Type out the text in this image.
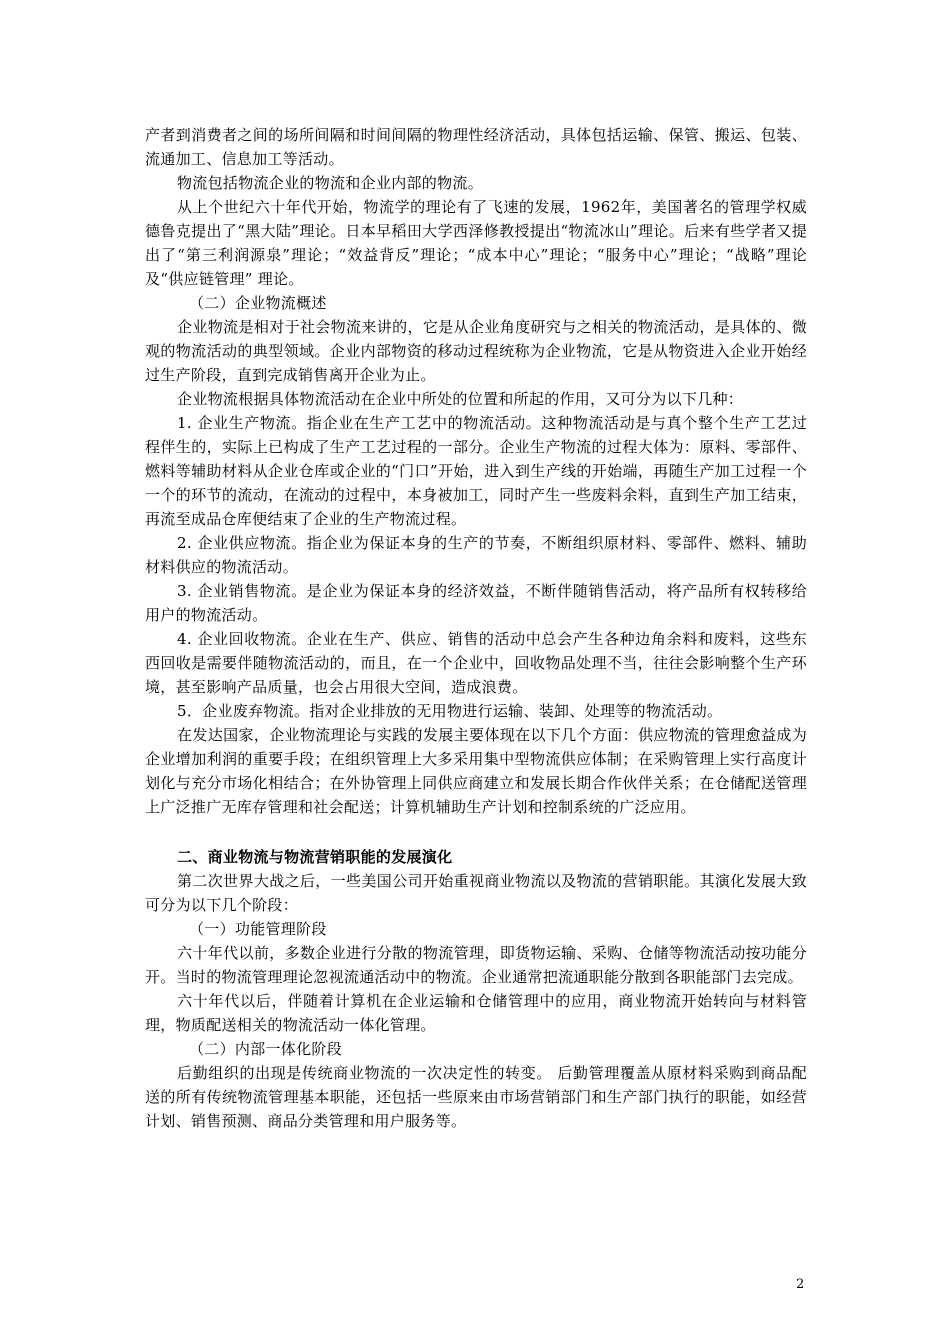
产者到消费者之间的场所间隔和时间间隔的物理性经济活动，具体包括运输、保管、搬运、包装、流通加工、信息加工等活动。

物流包括物流企业的物流和企业内部的物流。

从上个世纪六十年代开始，物流学的理论有了飞速的发展，1962年，美国著名的管理学权威德鲁克提出了“黑大陆”理论。日本早稻田大学西泽修教授提出“物流冰山”理论。后来有些学者又提出了“第三利润源泉”理论；“效益背反”理论；“成本中心”理论；“服务中心”理论；“战略”理论及“供应链管理” 理论。

（二）企业物流概述

企业物流是相对于社会物流来讲的，它是从企业角度研究与之相关的物流活动，是具体的、微观的物流活动的典型领域。企业内部物资的移动过程统称为企业物流，它是从物资进入企业开始经过生产阶段，直到完成销售离开企业为止。

企业物流根据具体物流活动在企业中所处的位置和所起的作用，又可分为以下几种：

1. 企业生产物流。指企业在生产工艺中的物流活动。这种物流活动是与真个整个生产工艺过程伴生的，实际上已构成了生产工艺过程的一部分。企业生产物流的过程大体为：原料、零部件、燃料等辅助材料从企业仓库或企业的“门口”开始，进入到生产线的开始端，再随生产加工过程一个一个的环节的流动，在流动的过程中，本身被加工，同时产生一些废料余料，直到生产加工结束，再流至成品仓库便结束了企业的生产物流过程。

2. 企业供应物流。指企业为保证本身的生产的节奏，不断组织原材料、零部件、燃料、辅助材料供应的物流活动。

3. 企业销售物流。是企业为保证本身的经济效益，不断伴随销售活动，将产品所有权转移给用户的物流活动。

4. 企业回收物流。企业在生产、供应、销售的活动中总会产生各种边角余料和废料，这些东西回收是需要伴随物流活动的，而且，在一个企业中，回收物品处理不当，往往会影响整个生产环境，甚至影响产品质量，也会占用很大空间，造成浪费。

5．企业废弃物流。指对企业排放的无用物进行运输、装卸、处理等的物流活动。

在发达国家，企业物流理论与实践的发展主要体现在以下几个方面：供应物流的管理愈益成为企业增加利润的重要手段；在组织管理上大多采用集中型物流供应体制；在采购管理上实行高度计划化与充分市场化相结合；在外协管理上同供应商建立和发展长期合作伙伴关系；在仓储配送管理上广泛推广无库存管理和社会配送；计算机辅助生产计划和控制系统的广泛应用。

二、商业物流与物流营销职能的发展演化

第二次世界大战之后，一些美国公司开始重视商业物流以及物流的营销职能。其演化发展大致可分为以下几个阶段：

（一）功能管理阶段

六十年代以前，多数企业进行分散的物流管理，即货物运输、采购、仓储等物流活动按功能分开。当时的物流管理理论忽视流通活动中的物流。企业通常把流通职能分散到各职能部门去完成。

六十年代以后，伴随着计算机在企业运输和仓储管理中的应用，商业物流开始转向与材料管理，物质配送相关的物流活动一体化管理。

（二）内部一体化阶段

后勤组织的出现是传统商业物流的一次决定性的转变。 后勤管理覆盖从原材料采购到商品配送的所有传统物流管理基本职能，还包括一些原来由市场营销部门和生产部门执行的职能，如经营计划、销售预测、商品分类管理和用户服务等。

2
